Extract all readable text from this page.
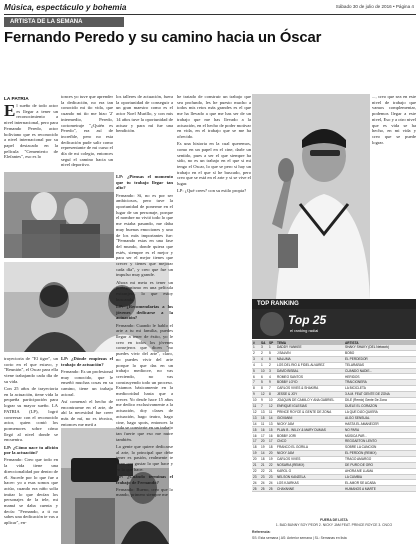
Música, espectáculo y bohemia	Sábado 30 de julio de 2016 • Página 4
ARTISTA DE LA SEMANA
Fernando Peredo y su camino hacia un Óscar
LA PATRIA
E l sueño de todo actor es llegar a tener un reconocimiento a nivel internacional, pero para Fernando Peredo, actor boliviano que es reconocido a nivel internacional por su papel destacado en la película "Cementerio de Elefantes", eso es lo
tonces yo tuve que aprender la dedicación, no era tan conocido mi tío vida, que cuando mi tío me hizo '2' intermedio, Peredo, cortometraje "¿Quién es Peredo", era así de increíble, pero no esta dedicación pude salir como representante de mi curso el día de mi colegio, entonces seguí el camino hacia un nivel deportivo.
los talleres de actuación, fuera la oportunidad de conseguir a un gran maestro como es el actor Noel Murillo, y con mis 14 años tuve la oportunidad de actuar y para mí fue una bendición.

trayectoria de "El tigre", un corto en el que estuvo, y "Reunión", el Oscar para ella viene trabajando cada día de su vida.

Con 25 años de trayectoria en la actuación, tiene vida la pequeña participación para lograr su mayor sueño. LA PATRIA (LP), logró conversar con el reconocido actor, quien contó los pormenores sobre cómo llegó al nivel donde se encuentra.

LP: ¿Cómo nace tu afición por la actuación?

Fernando: Creo que todo en la vida tiene una direccionalidad por dentro de él. Sucede por lo que fue a hacer: yo a esas somos que actúo, cuando era niño solía imitar lo que decían los personajes de la tele, mi mamá se daba cuenta y decía: "Fernando, a ti no sabes una dedicación te vas a aplicar", en-

LP: ¿Dónde empiezas el trabajo de actuación?

Fernando: Es un profesional muy conocido, que le enseñó muchas cosas en su camino, tiene un trabajo actoral.

Así comenzó el hecho de encontrarme en el arte, de ahí la necesidad fue creer más de mí, no es técnica, entonces me metí a

LP: ¿Piensas el momento que tu trabajo llegar tan alto?

Fernando: Sí, no es por ser ambiciosos, pero tuve la oportunidad de ponerme en el lugar de un personaje, porque el nombre no vivió todo lo que me estaba pasando, me daba muy buenas emociones y uno de los más importantes fue: "Fernando estas en una fase del mundo, donde quiera que estés, siempre es el mejor y para ser el mejor tienes que crecer y tienes que mejorar cada día", y creo que fue un impulso muy grande.

Ahora mi meta es tener un protagonismo en una película extranjera, lo que estoy buscando.

LP: ¿Recomendarías a los jóvenes dedicarse a la actuación?

Fernando: Cuando le hablo el arte a tu mi familia, puedes llegar a tener de éxito, yo le creo en todos los jóvenes consejeros que dicen "no puedes vivir del arte", claro, no puedes vivir del arte porque lo que das en un trabajo mediocre, no vas creciendo, no vas construyendo todo un proceso. Estamos básicamente en la mediocridad hasta que a crecer. Yo desde hace 15 años me dedico exclusivamente a la actuación, doy clases de actuación, hago teatro, hago cine, hago spots, entonces la vida se convierte en un trabajo tan fuerte que eso me nutre también.

La gente que quiere dedicarse al arte, lo principal que debe tener es pasión, realmente te tiene que gustar lo que hace y en lo que hace.

LP: ¿Cuándo terminas el trabajo de Fernando?

Fernando: Bueno, creo que lo mando, primero siempre me

he tratado de construir un trabajo que sea profundo, les he puesto mucho a todos mis retos más grandes es el que me ha llevado a que me has ser de un trabajo que me has llevado a la actuación, en el hecho de poder motivar en vida, en el trabajo que se me ha ofrecido.

Es una historia en la cual queremos, como en un papel en el cine, darle un sentido, pues a ser el que siempre ha sido, no es un trabajo en el que si mi tengo el Oscar, lo que se pero si hay un trabajo en el que sí he buscado, pero creo que se está en el arte y si se vive el lugar.

LP: ¿Qué crees? con su estilo propia?

..., creo que sea en este nivel de trabajo que vamos complementar, podemos llegar a este nivel, Eso y a otro nivel que es vida se ha hecho, en mi vida y creo que se puede lograr.

TOP RANKING
Top 25
el ranking radial
#	SA	SP	TEMA	ARTISTA
1	3	1	DADDY YANKEE	SHAKY SHAKY (DEL Network)
2	2	5	J BALVIN	BOBO
3	4	6	MALUMA	EL PERDEDOR
4	1	2	LOS DEL RIO & FIDEL ALVAREZ	TELARAÑAS
5	10	3	DAVID BISBAL	CUANDO NADIE...
6	6	4	ROMEO SANTOS	HERIDOS
7	5	9	BOBBY LOYD	TRAICIONERA
8	8	7	CARLOS VIVES & SHAKIRA	LA BICICLETA
9	12	8	JESSE & JOY	3 A.M. FEAT GENTE DE ZONA
10	9	10	JOAQUIN DE CAMILO Y ANA GABRIEL	DILE (Remix) Gente De Zona
11	7	12	ENRIQUE IGLESIAS	DUELE EL CORAZON
12	13	11	PRINCE ROYCE & GENTE DE ZONA	LA QUE DIJO QUIERA
13	15	14	GIOVANNI	ALGO SENSUAL
14	11	13	NICKY JAM	HASTA EL AMANECER
15	16	15	PLAN B - WILLY & MARY DUMAS	NO PARA
16	17	16	BOBBY JORI	MÚSICA PAR...
17	20	17	CNCO	REGGAETON LENTO
18	19	18	FRANCO EL GORILA	SOBRE LA CANCION
19	14	20	NICKY JAM	EL PERDÓN (REMIX)
20	18	19	CARLOS VIVES	TRAGO AMARGO
21	21	22	NOSARIA (REMIX)	DE PURO DE ORO
22	22	21	KAROL G	AHORA ME LLAMA
23	23	23	NELSON KANZELA	LA CUMBIA
24	24	24	LOS KJARKAS	EL AMOR SE ACABA
25	25	25	CHAYANNE	HUMANOS A MARTE
FUERA DE LISTA
1. BAD BUNNY SOY PEOR 2. NICKY JAM FEAT. PRINCE ROYCE 3. CNCO
Referencia:
SS: Esta semana | AS: Anterior semana | SL: Semanas en lista
